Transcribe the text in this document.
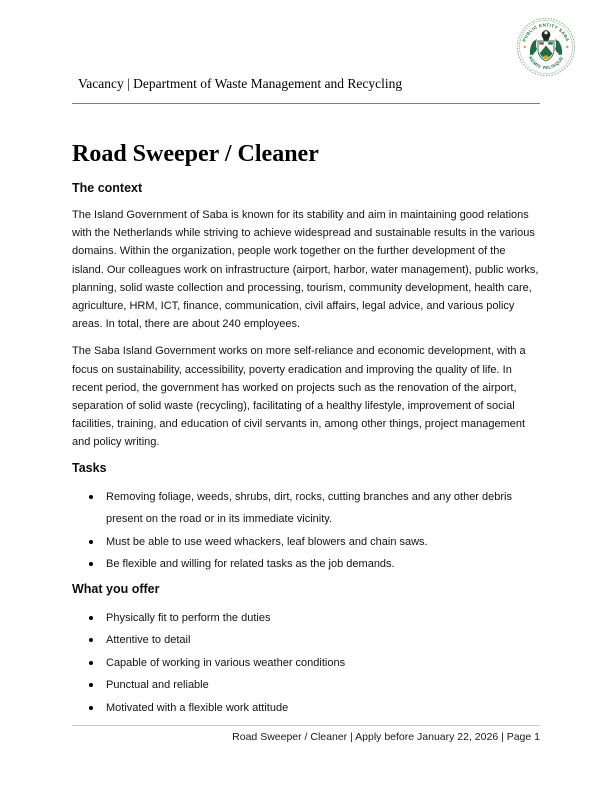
PUBLIC ENTITY SABA
REMIS VELISQUE
Vacancy | Department of Waste Management and Recycling
Road Sweeper / Cleaner
The context

The Island Government of Saba is known for its stability and aim in maintaining good relations with the Netherlands while striving to achieve widespread and sustainable results in the various domains. Within the organization, people work together on the further development of the island. Our colleagues work on infrastructure (airport, harbor, water management), public works, planning, solid waste collection and processing, tourism, community development, health care, agriculture, HRM, ICT, finance, communication, civil affairs, legal advice, and various policy areas. In total, there are about 240 employees.

The Saba Island Government works on more self-reliance and economic development, with a focus on sustainability, accessibility, poverty eradication and improving the quality of life. In recent period, the government has worked on projects such as the renovation of the airport, separation of solid waste (recycling), facilitating of a healthy lifestyle, improvement of social facilities, training, and education of civil servants in, among other things, project management and policy writing.

Tasks
Removing foliage, weeds, shrubs, dirt, rocks, cutting branches and any other debris present on the road or in its immediate vicinity.
Must be able to use weed whackers, leaf blowers and chain saws.
Be flexible and willing for related tasks as the job demands.
What you offer
Physically fit to perform the duties
Attentive to detail
Capable of working in various weather conditions
Punctual and reliable
Motivated with a flexible work attitude
Road Sweeper / Cleaner | Apply before January 22, 2026 | Page 1
